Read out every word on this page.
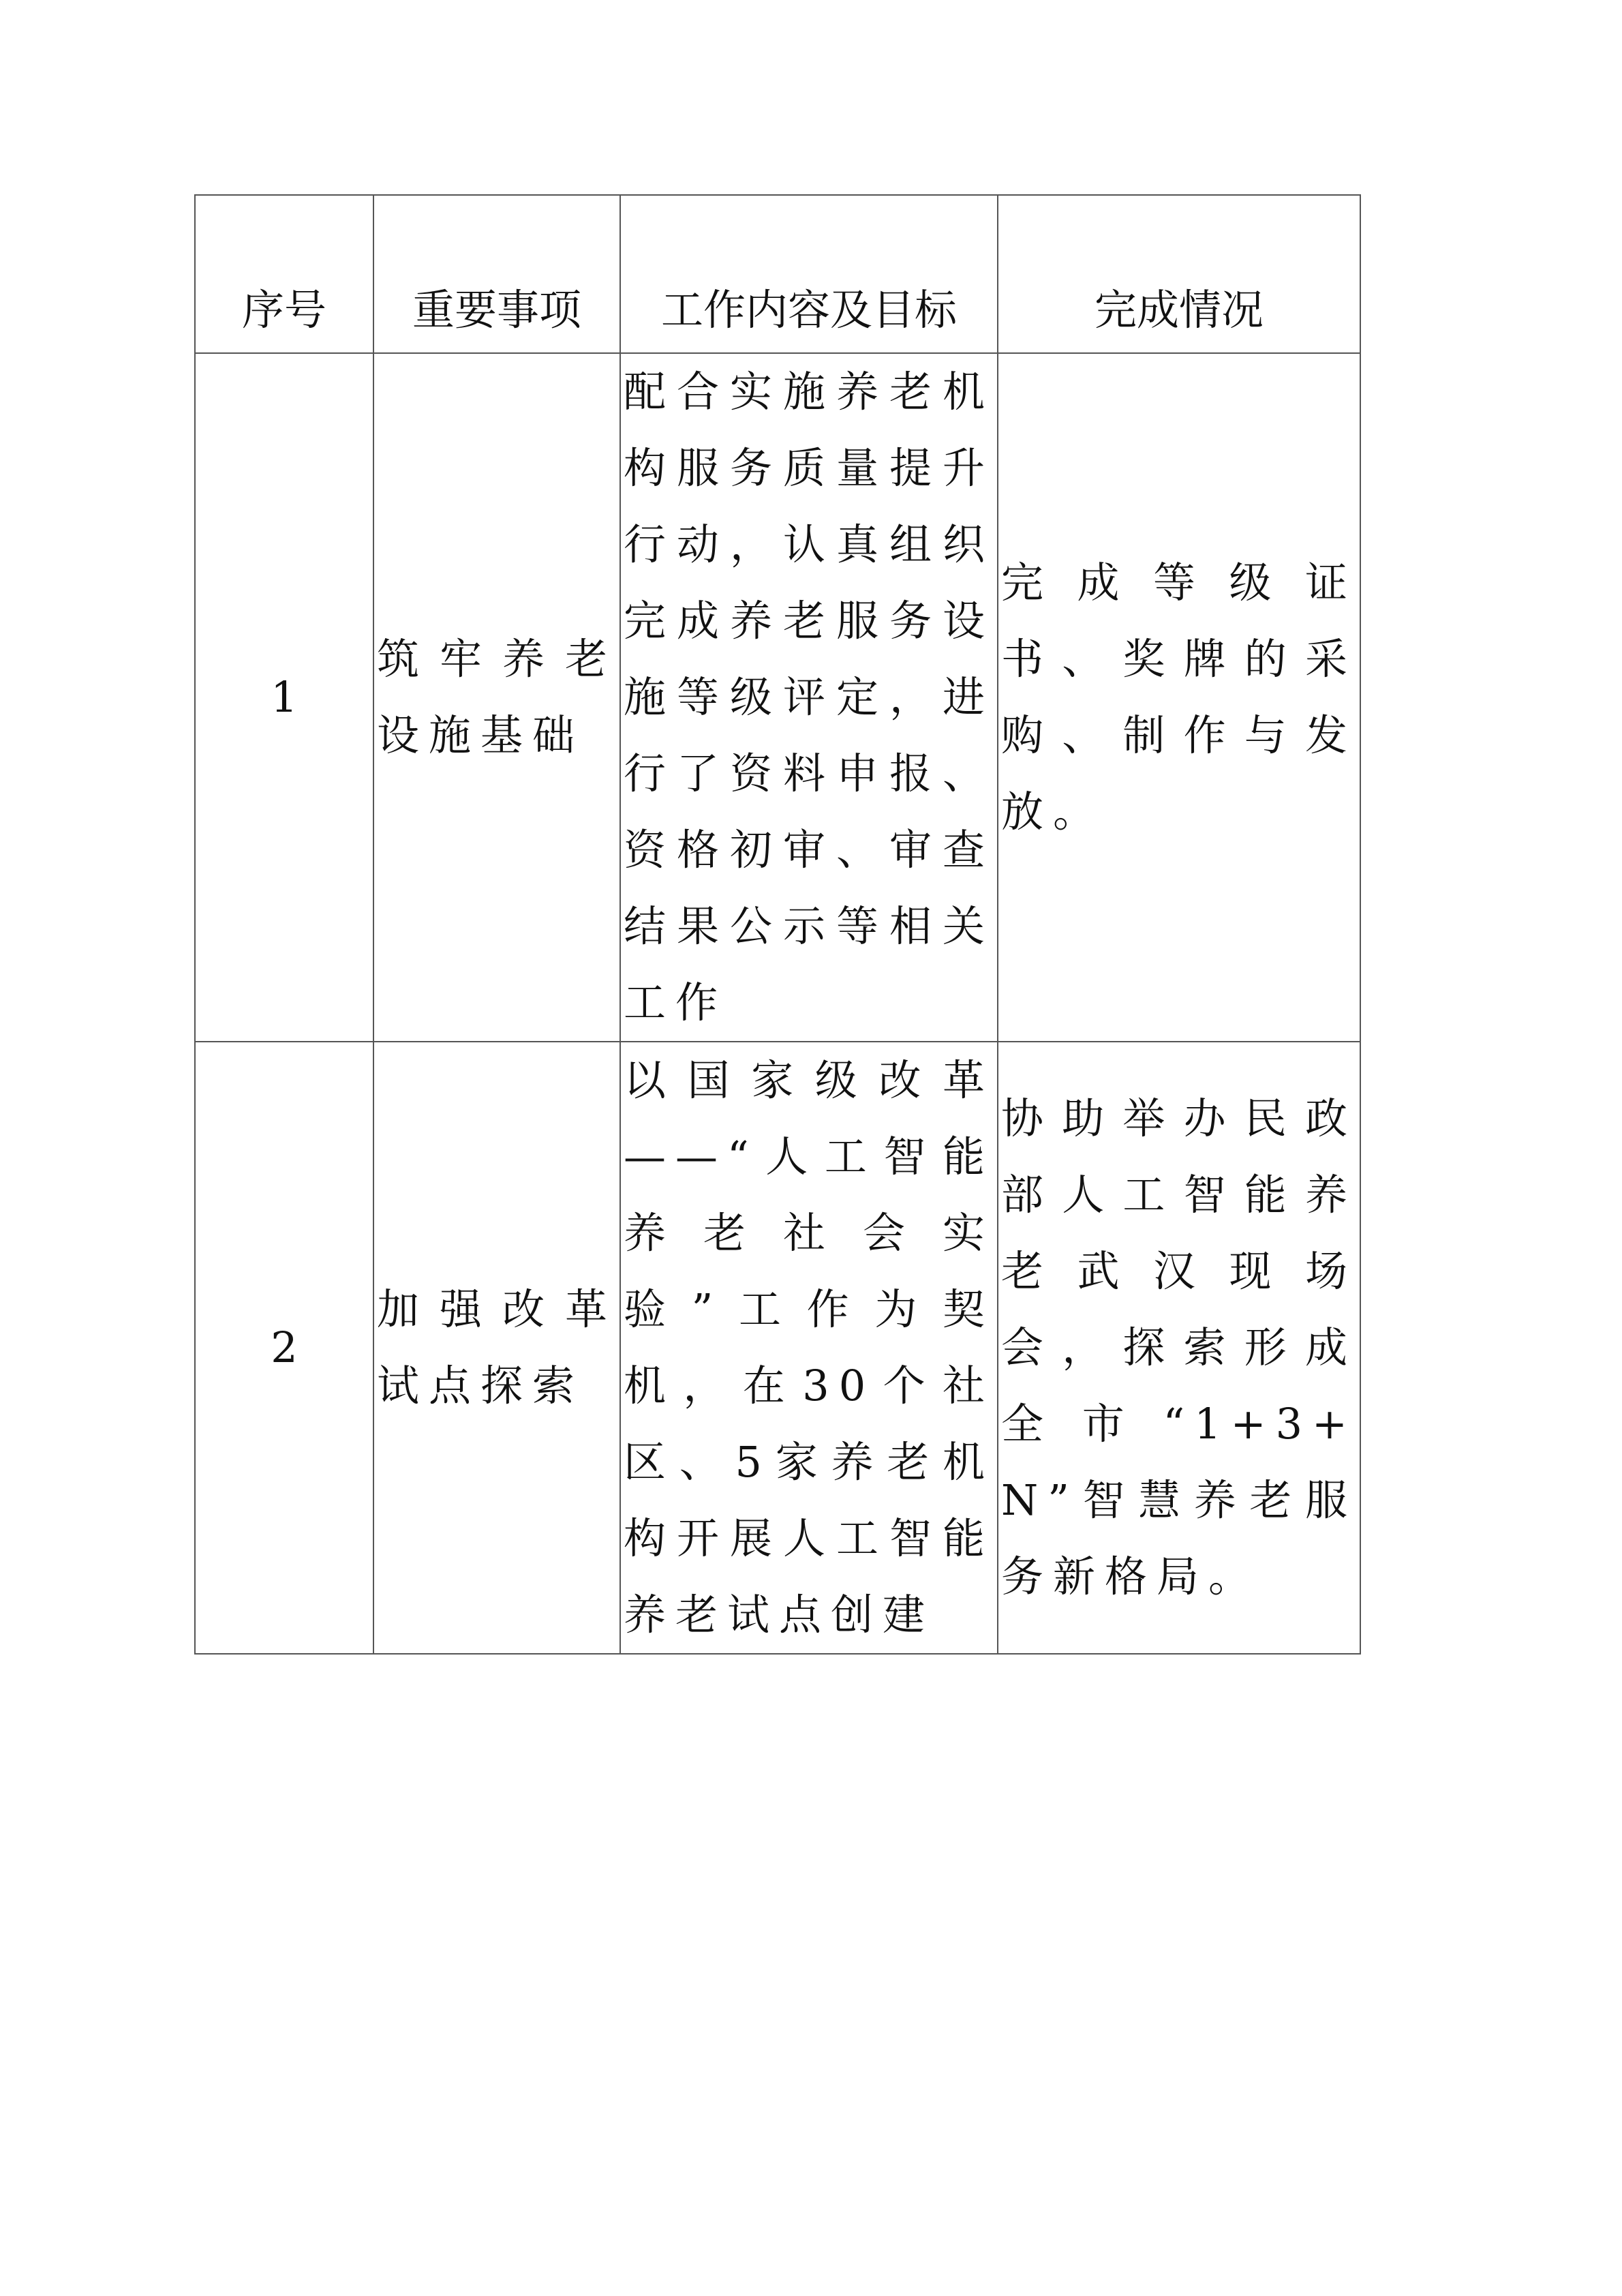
序号	重要事项	工作内容及目标	完成情况
1	筑牢养老设施基础	配合实施养老机构服务质量提升行动，认真组织完成养老服务设施等级评定，进行了资料申报、资格初审、审查结果公示等相关工作	完成等级证书、奖牌的采购、制作与发放。
2	加强改革试点探索	以国家级改革——“人工智能养老社会实验”工作为契机，在30个社区、5家养老机构开展人工智能养老试点创建	协助举办民政部人工智能养老武汉现场会，探索形成全市“1+3+N”智慧养老服务新格局。
